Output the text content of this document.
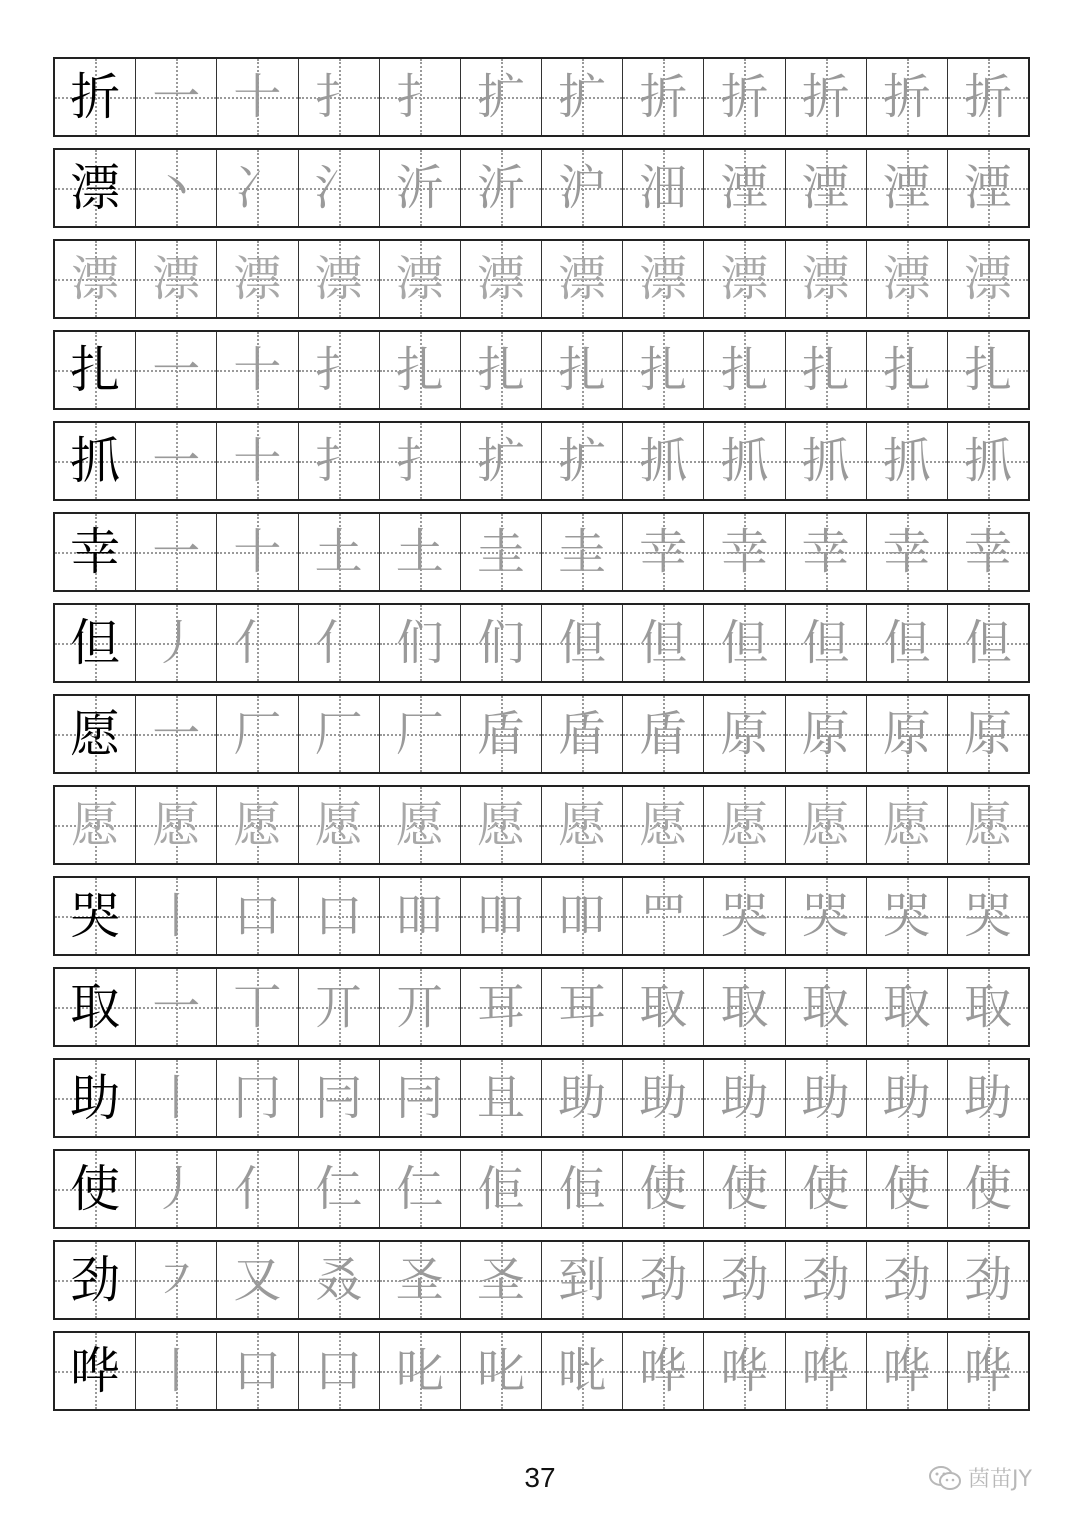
折 一 十 扌 扌 扩 扩 折 折 折 折 折
漂 丶 冫 氵 沂 沂 沪 沺 湮 湮 湮 湮
漂 漂 漂 漂 漂 漂 漂 漂 漂 漂 漂 漂
扎 一 十 扌 扎 扎 扎 扎 扎 扎 扎 扎
抓 一 十 扌 扌 扩 扩 抓 抓 抓 抓 抓
幸 一 十 土 土 圭 圭 幸 幸 幸 幸 幸
但 丿 亻 亻 们 们 但 但 但 但 但 但
愿 一 厂 厂 厂 盾 盾 盾 原 原 原 原
愿 愿 愿 愿 愿 愿 愿 愿 愿 愿 愿 愿
哭 丨 口 口 吅 吅 吅 罒 哭 哭 哭 哭
取 一 丅 丌 丌 耳 耳 取 取 取 取 取
助 丨 冂 冃 冃 且 助 助 助 助 助 助
使 丿 亻 仁 仁 佢 佢 使 使 使 使 使
劲 ㇇ 又 叒 圣 圣 到 劲 劲 劲 劲 劲
哗 丨 口 口 叱 叱 吡 哗 哗 哗 哗 哗
37	茵苗JY
